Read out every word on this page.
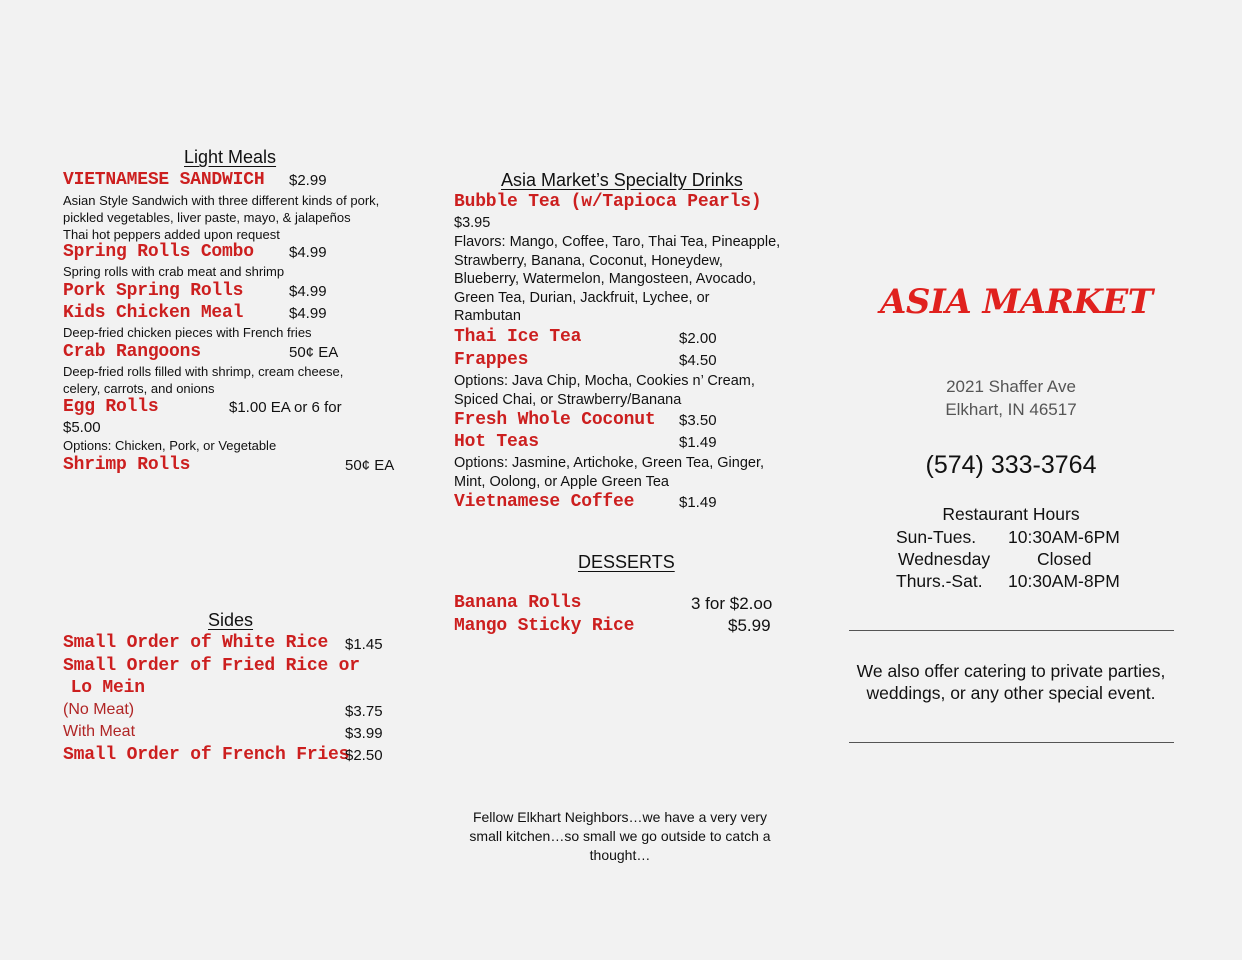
Light Meals
VIETNAMESE SANDWICH $2.99
Asian Style Sandwich with three different kinds of pork,
pickled vegetables, liver paste, mayo, & jalapeños
Thai hot peppers added upon request
Spring Rolls Combo $4.99
Spring rolls with crab meat and shrimp
Pork Spring Rolls	$4.99
Kids Chicken Meal	$4.99
Deep-fried chicken pieces with French fries
Crab Rangoons	50¢ EA
Deep-fried rolls filled with shrimp, cream cheese,
celery, carrots, and onions
Egg Rolls	$1.00 EA or 6 for
$5.00
Options: Chicken, Pork, or Vegetable
Shrimp Rolls	50¢ EA
Sides
Small Order of White Rice $1.45
Small Order of Fried Rice or
Lo Mein
(No Meat)	$3.75
With Meat	$3.99
Small Order of French Fries
$2.50
Asia Market’s Specialty Drinks
Bubble Tea (w/Tapioca Pearls)
$3.95
Flavors: Mango, Coffee, Taro, Thai Tea, Pineapple,
Strawberry, Banana, Coconut, Honeydew,
Blueberry, Watermelon, Mangosteen, Avocado,
Green Tea, Durian, Jackfruit, Lychee, or
Rambutan
Thai Ice Tea	$2.00
Frappes	$4.50
Options: Java Chip, Mocha, Cookies n’ Cream,
Spiced Chai, or Strawberry/Banana
Fresh Whole Coconut $3.50
Hot Teas	$1.49
Options: Jasmine, Artichoke, Green Tea, Ginger,
Mint, Oolong, or Apple Green Tea
Vietnamese Coffee	$1.49
DESSERTS
Banana Rolls	3 for $2.oo
Mango Sticky Rice	$5.99
Fellow Elkhart Neighbors…we have a very very
small kitchen…so small we go outside to catch a
thought…
ASIA MARKET
2021 Shaffer Ave
Elkhart, IN 46517
(574) 333-3764
Restaurant Hours
Sun-Tues. 10:30AM-6PM
Wednesday	Closed
Thurs.-Sat. 10:30AM-8PM
We also offer catering to private parties,
weddings, or any other special event.
